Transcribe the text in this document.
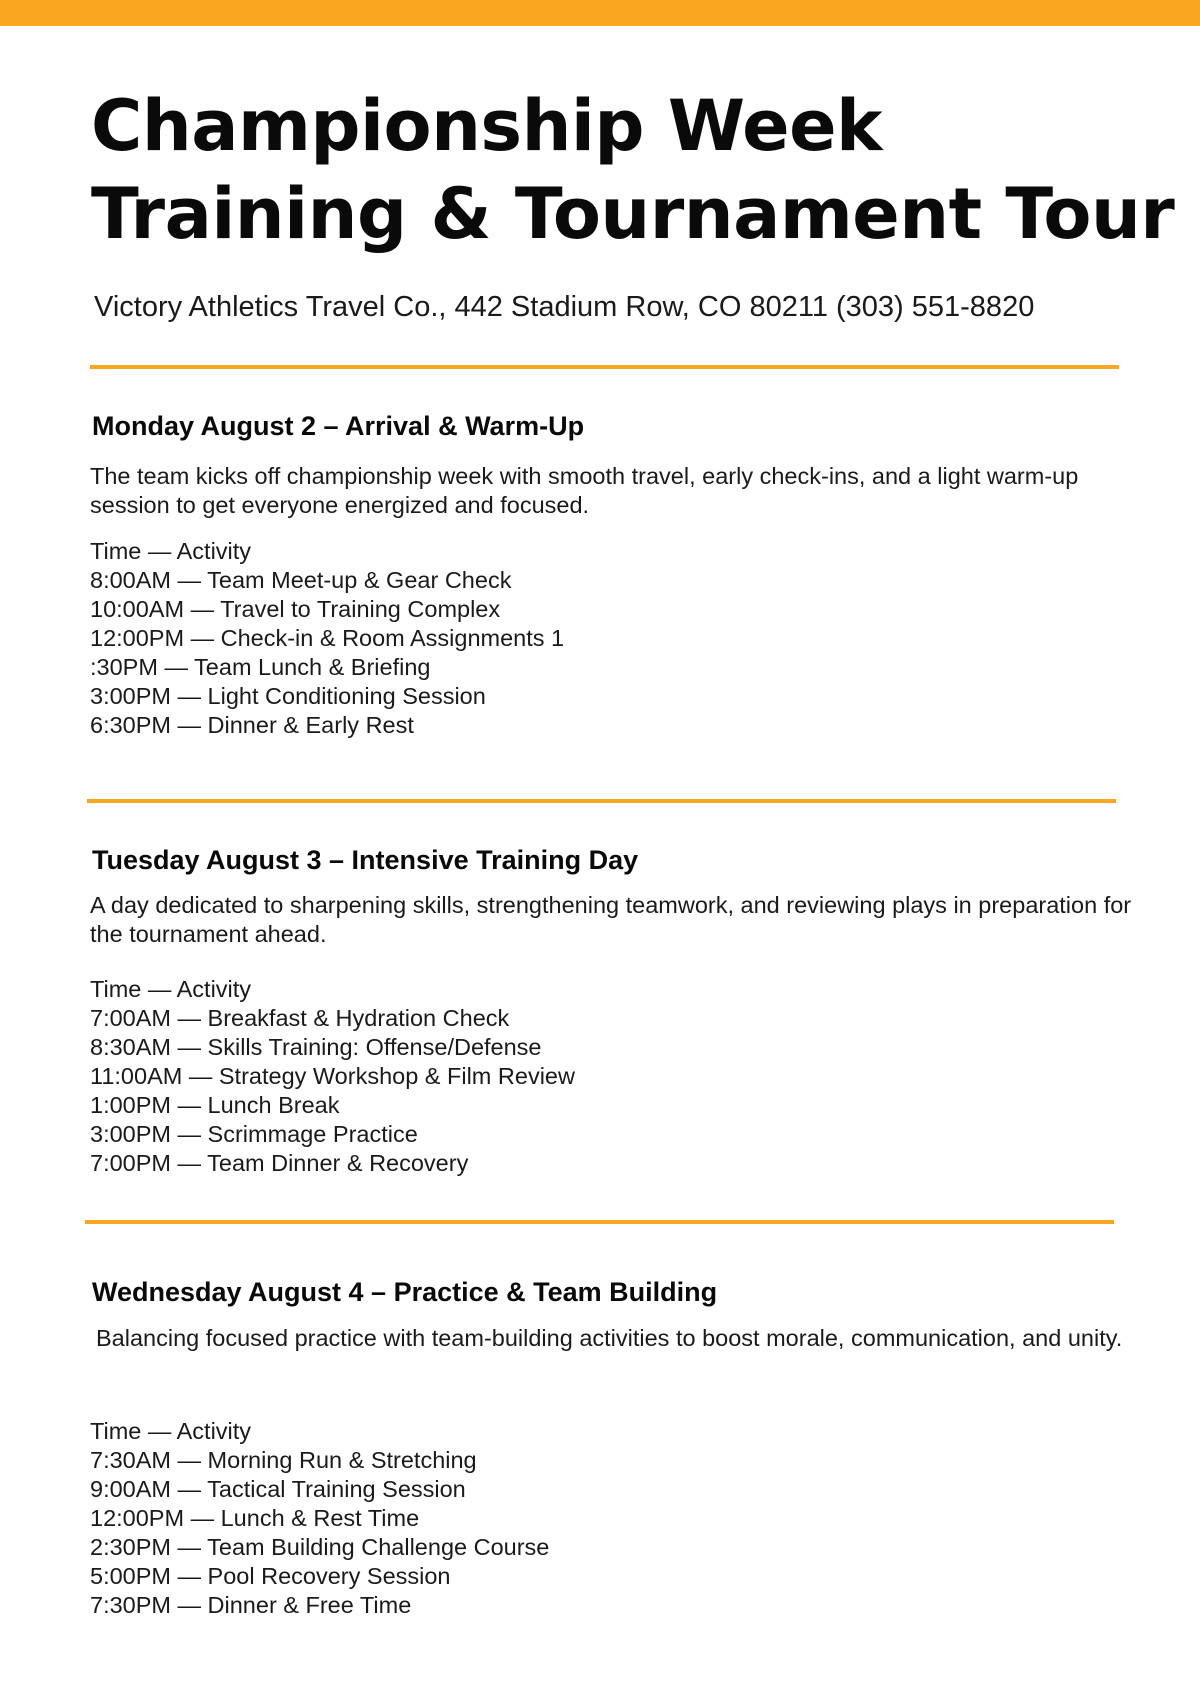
Championship Week
Training & Tournament Tour
Victory Athletics Travel Co., 442 Stadium Row, CO 80211 (303) 551-8820
Monday August 2 – Arrival & Warm-Up

The team kicks off championship week with smooth travel, early check-ins, and a light warm-up session to get everyone energized and focused.

Time — Activity
8:00AM — Team Meet-up & Gear Check
10:00AM — Travel to Training Complex
12:00PM — Check-in & Room Assignments 1
:30PM — Team Lunch & Briefing
3:00PM — Light Conditioning Session
6:30PM — Dinner & Early Rest
Tuesday August 3 – Intensive Training Day

A day dedicated to sharpening skills, strengthening teamwork, and reviewing plays in preparation for the tournament ahead.

Time — Activity
7:00AM — Breakfast & Hydration Check
8:30AM — Skills Training: Offense/Defense
11:00AM — Strategy Workshop & Film Review
1:00PM — Lunch Break
3:00PM — Scrimmage Practice
7:00PM — Team Dinner & Recovery
Wednesday August 4 – Practice & Team Building

Balancing focused practice with team-building activities to boost morale, communication, and unity.

Time — Activity
7:30AM — Morning Run & Stretching
9:00AM — Tactical Training Session
12:00PM — Lunch & Rest Time
2:30PM — Team Building Challenge Course
5:00PM — Pool Recovery Session
7:30PM — Dinner & Free Time
